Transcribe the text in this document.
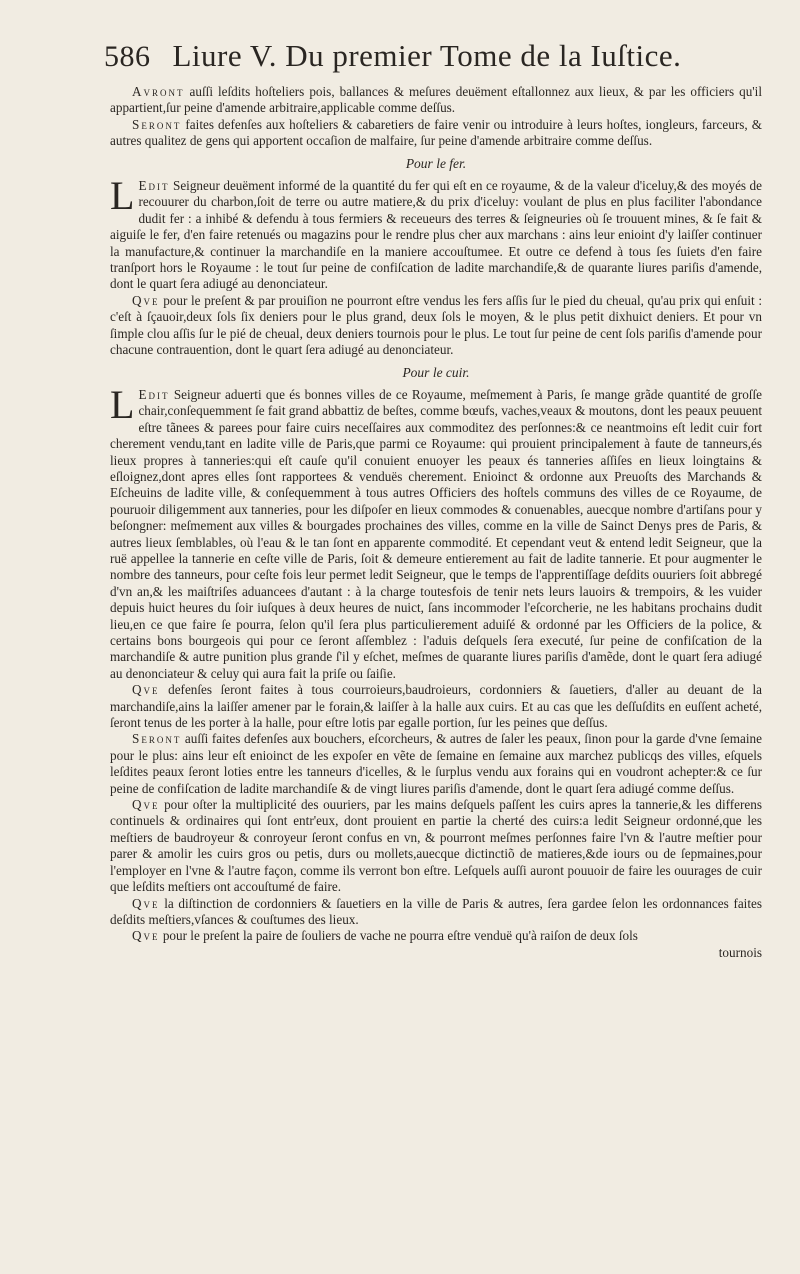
586 Liure V. Du premier Tome de la Iuſtice.

Avront auſſi leſdits hoſteliers pois, ballances & meſures deuëment eſtallonnez aux lieux, & par les officiers qu'il appartient,ſur peine d'amende arbitraire,applicable comme deſſus.

Seront faites defenſes aux hoſteliers & cabaretiers de faire venir ou introduire à leurs hoſtes, iongleurs, farceurs, & autres qualitez de gens qui apportent occaſion de malfaire, ſur peine d'amende arbitraire comme deſſus.

Pour le fer.

L Edit Seigneur deuëment informé de la quantité du fer qui eſt en ce royaume, & de la valeur d'iceluy,& des moyés de recouurer du charbon,ſoit de terre ou autre matiere,& du prix d'iceluy: voulant de plus en plus faciliter l'abondance dudit fer : a inhibé & defendu à tous fermiers & receueurs des terres & ſeigneuries où ſe trouuent mines, & ſe fait & aiguiſe le fer, d'en faire retenués ou magazins pour le rendre plus cher aux marchans : ains leur enioint d'y laiſſer continuer la manufacture,& continuer la marchandiſe en la maniere accouſtumee. Et outre ce defend à tous ſes ſuiets d'en faire tranſport hors le Royaume : le tout ſur peine de confiſcation de ladite marchandiſe,& de quarante liures pariſis d'amende, dont le quart ſera adiugé au denonciateur.

Qve pour le preſent & par prouiſion ne pourront eſtre vendus les fers aſſis ſur le pied du cheual, qu'au prix qui enſuit : c'eſt à ſçauoir,deux ſols ſix deniers pour le plus grand, deux ſols le moyen, & le plus petit dixhuict deniers. Et pour vn ſimple clou aſſis ſur le pié de cheual, deux deniers tournois pour le plus. Le tout ſur peine de cent ſols pariſis d'amende pour chacune contrauention, dont le quart ſera adiugé au denonciateur.

Pour le cuir.

L Edit Seigneur aduerti que és bonnes villes de ce Royaume, meſmement à Paris, ſe mange grãde quantité de groſſe chair,conſequemment ſe fait grand abbattiz de beſtes, comme bœufs, vaches,veaux & moutons, dont les peaux peuuent eſtre tãnees & parees pour faire cuirs neceſſaires aux commoditez des perſonnes:& ce neantmoins eſt ledit cuir fort cherement vendu,tant en ladite ville de Paris,que parmi ce Royaume: qui prouient principalement à faute de tanneurs,és lieux propres à tanneries:qui eſt cauſe qu'il conuient enuoyer les peaux és tanneries aſſiſes en lieux loingtains & eſloignez,dont apres elles ſont rapportees & venduës cherement. Enioinct & ordonne aux Preuoſts des Marchands & Eſcheuins de ladite ville, & conſequemment à tous autres Officiers des hoſtels communs des villes de ce Royaume, de pouruoir diligemment aux tanneries, pour les diſpoſer en lieux commodes & conuenables, auecque nombre d'artiſans pour y beſongner: meſmement aux villes & bourgades prochaines des villes, comme en la ville de Sainct Denys pres de Paris, & autres lieux ſemblables, où l'eau & le tan ſont en apparente commodité. Et cependant veut & entend ledit Seigneur, que la ruë appellee la tannerie en ceſte ville de Paris, ſoit & demeure entierement au fait de ladite tannerie. Et pour augmenter le nombre des tanneurs, pour ceſte fois leur permet ledit Seigneur, que le temps de l'apprentiſſage deſdits ouuriers ſoit abbregé d'vn an,& les maiſtriſes aduancees d'autant : à la charge toutesfois de tenir nets leurs lauoirs & trempoirs, & les vuider depuis huict heures du ſoir iuſques à deux heures de nuict, ſans incommoder l'eſcorcherie, ne les habitans prochains dudit lieu,en ce que faire ſe pourra, ſelon qu'il ſera plus particulierement aduiſé & ordonné par les Officiers de la police, & certains bons bourgeois qui pour ce ſeront aſſemblez : l'aduis deſquels ſera executé, ſur peine de confiſcation de la marchandiſe & autre punition plus grande ſ'il y eſchet, meſmes de quarante liures pariſis d'amẽde, dont le quart ſera adiugé au denonciateur & celuy qui aura fait la priſe ou ſaiſie.

Qve defenſes ſeront faites à tous courroieurs,baudroieurs, cordonniers & ſauetiers, d'aller au deuant de la marchandiſe,ains la laiſſer amener par le forain,& laiſſer à la halle aux cuirs. Et au cas que les deſſuſdits en euſſent acheté, ſeront tenus de les porter à la halle, pour eſtre lotis par egalle portion, ſur les peines que deſſus.

Seront auſſi faites defenſes aux bouchers, eſcorcheurs, & autres de ſaler les peaux, ſinon pour la garde d'vne ſemaine pour le plus: ains leur eſt enioinct de les expoſer en vẽte de ſemaine en ſemaine aux marchez publicqs des villes, eſquels leſdites peaux ſeront loties entre les tanneurs d'icelles, & le ſurplus vendu aux forains qui en voudront achepter:& ce ſur peine de confiſcation de ladite marchandiſe & de vingt liures pariſis d'amende, dont le quart ſera adiugé comme deſſus.

Qve pour oſter la multiplicité des ouuriers, par les mains deſquels paſſent les cuirs apres la tannerie,& les differens continuels & ordinaires qui ſont entr'eux, dont prouient en partie la cherté des cuirs:a ledit Seigneur ordonné,que les meſtiers de baudroyeur & conroyeur ſeront confus en vn, & pourront meſmes perſonnes faire l'vn & l'autre meſtier pour parer & amolir les cuirs gros ou petis, durs ou mollets,auecque dictinctiõ de matieres,&de iours ou de ſepmaines,pour l'employer en l'vne & l'autre façon, comme ils verront bon eſtre. Leſquels auſſi auront pouuoir de faire les ouurages de cuir que leſdits meſtiers ont accouſtumé de faire.

Qve la diſtinction de cordonniers & ſauetiers en la ville de Paris & autres, ſera gardee ſelon les ordonnances faites deſdits meſtiers,vſances & couſtumes des lieux.

Qve pour le preſent la paire de ſouliers de vache ne pourra eſtre venduë qu'à raiſon de deux ſols

tournois
